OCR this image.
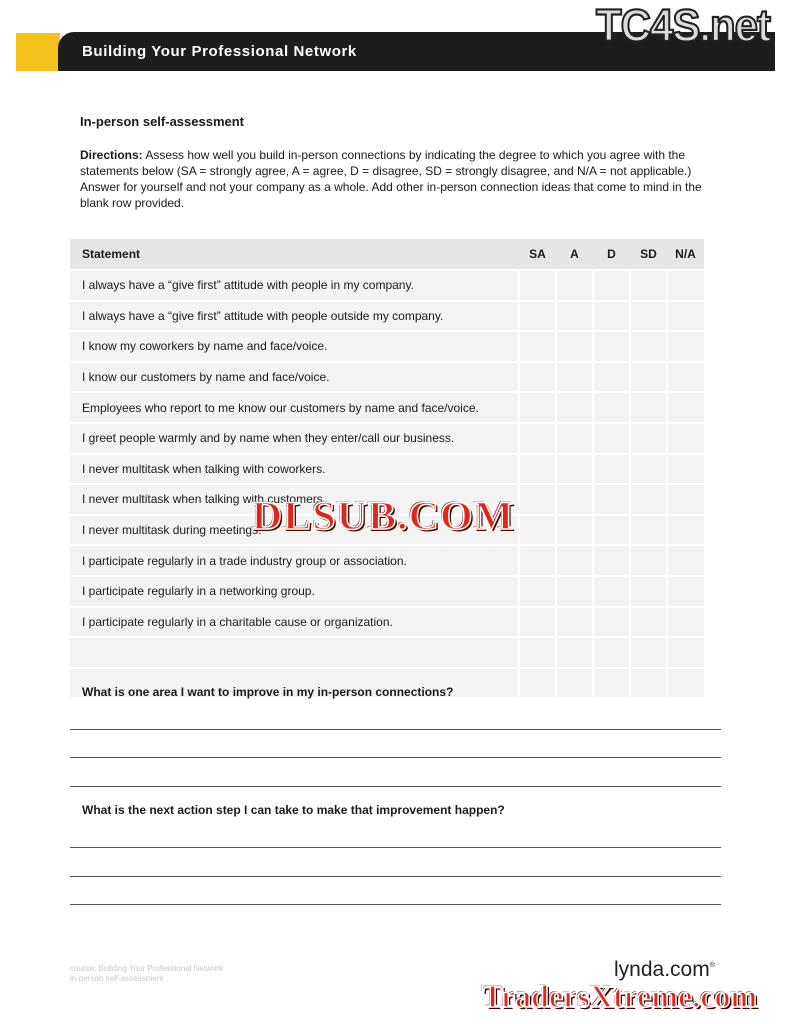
Building Your Professional Network
TC4S.net
In-person self-assessment
Directions: Assess how well you build in-person connections by indicating the degree to which you agree with the statements below (SA = strongly agree, A = agree, D = disagree, SD = strongly disagree, and N/A = not applicable.) Answer for yourself and not your company as a whole. Add other in-person connection ideas that come to mind in the blank row provided.
Statement	SA	A	D	SD	N/A
I always have a “give first” attitude with people in my company.					
I always have a “give first” attitude with people outside my company.					
I know my coworkers by name and face/voice.					
I know our customers by name and face/voice.					
Employees who report to me know our customers by name and face/voice.					
I greet people warmly and by name when they enter/call our business.					
I never multitask when talking with coworkers.					
I never multitask when talking with customers.					
I never multitask during meetings.					
I participate regularly in a trade industry group or association.					
I participate regularly in a networking group.					
I participate regularly in a charitable cause or organization.					

What is one area I want to improve in my in-person connections?
What is the next action step I can take to make that improvement happen?
course: Building Your Professional Network
in-person self-assessment	lynda.com®
DLSUB.COM
TradersXtreme.com
